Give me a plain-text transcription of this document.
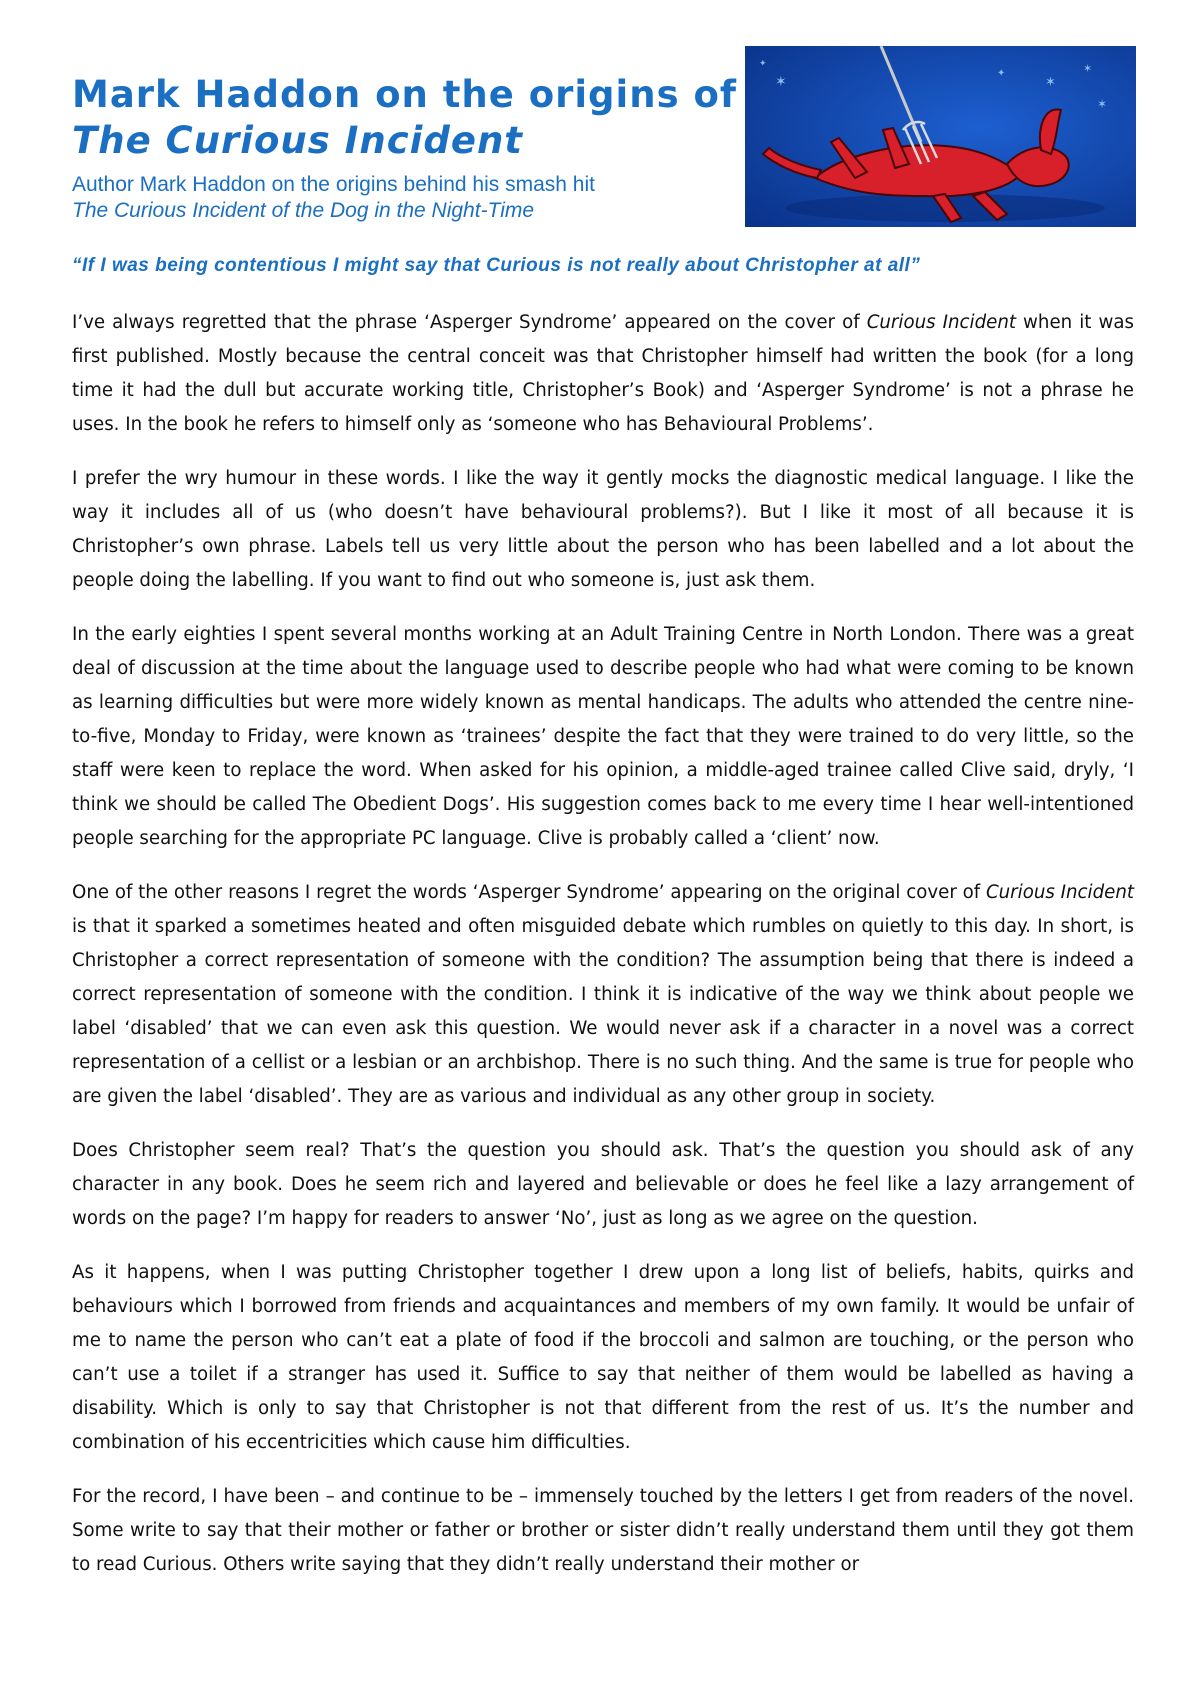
✶	✶
✶
✦
✶
✦
Mark Haddon on the origins of
The Curious Incident

Author Mark Haddon on the origins behind his smash hit
The Curious Incident of the Dog in the Night-Time

“If I was being contentious I might say that Curious is not really about Christopher at all”

I’ve always regretted that the phrase ‘Asperger Syndrome’ appeared on the cover of Curious Incident when it was first published. Mostly because the central conceit was that Christopher himself had written the book (for a long time it had the dull but accurate working title, Christopher’s Book) and ‘Asperger Syndrome’ is not a phrase he uses. In the book he refers to himself only as ‘someone who has Behavioural Problems’.

I prefer the wry humour in these words. I like the way it gently mocks the diagnostic medical language. I like the way it includes all of us (who doesn’t have behavioural problems?). But I like it most of all because it is Christopher’s own phrase. Labels tell us very little about the person who has been labelled and a lot about the people doing the labelling. If you want to find out who someone is, just ask them.

In the early eighties I spent several months working at an Adult Training Centre in North London. There was a great deal of discussion at the time about the language used to describe people who had what were coming to be known as learning difficulties but were more widely known as mental handicaps. The adults who attended the centre nine-to-five, Monday to Friday, were known as ‘trainees’ despite the fact that they were trained to do very little, so the staff were keen to replace the word. When asked for his opinion, a middle-aged trainee called Clive said, dryly, ‘I think we should be called The Obedient Dogs’. His suggestion comes back to me every time I hear well-intentioned people searching for the appropriate PC language. Clive is probably called a ‘client’ now.

One of the other reasons I regret the words ‘Asperger Syndrome’ appearing on the original cover of Curious Incident is that it sparked a sometimes heated and often misguided debate which rumbles on quietly to this day. In short, is Christopher a correct representation of someone with the condition? The assumption being that there is indeed a correct representation of someone with the condition. I think it is indicative of the way we think about people we label ‘disabled’ that we can even ask this question. We would never ask if a character in a novel was a correct representation of a cellist or a lesbian or an archbishop. There is no such thing. And the same is true for people who are given the label ‘disabled’. They are as various and individual as any other group in society.

Does Christopher seem real? That’s the question you should ask. That’s the question you should ask of any character in any book. Does he seem rich and layered and believable or does he feel like a lazy arrangement of words on the page? I’m happy for readers to answer ‘No’, just as long as we agree on the question.

As it happens, when I was putting Christopher together I drew upon a long list of beliefs, habits, quirks and behaviours which I borrowed from friends and acquaintances and members of my own family. It would be unfair of me to name the person who can’t eat a plate of food if the broccoli and salmon are touching, or the person who can’t use a toilet if a stranger has used it. Suffice to say that neither of them would be labelled as having a disability. Which is only to say that Christopher is not that different from the rest of us. It’s the number and combination of his eccentricities which cause him difficulties.

For the record, I have been – and continue to be – immensely touched by the letters I get from readers of the novel. Some write to say that their mother or father or brother or sister didn’t really understand them until they got them to read Curious. Others write saying that they didn’t really understand their mother or
